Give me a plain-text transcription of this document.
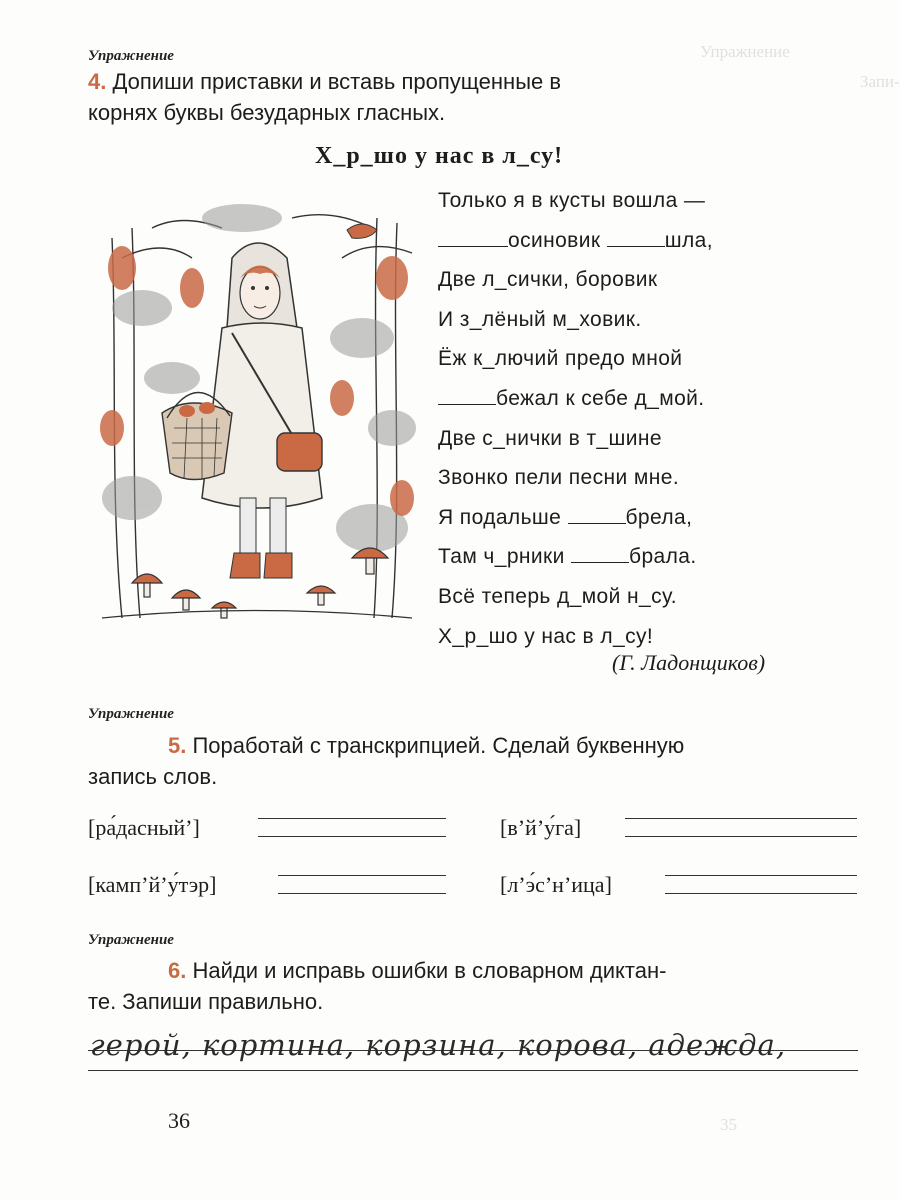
Упражнение
Запи-
35
Упражнение
4. Допиши приставки и вставь пропущенные в
корнях буквы безударных гласных.
Х_р_шо у нас в л_су!
Только я в кусты вошла —
осиновик	шла,
Две л_сички, боровик
И з_лёный м_ховик.
Ёж к_лючий предо мной
бежал к себе д_мой.
Две с_нички в т_шине
Звонко пели песни мне.
Я подальше	брела,
Там ч_рники	брала.
Всё теперь д_мой н_су.
Х_р_шо у нас в л_су!
(Г. Ладонщиков)
Упражнение
5. Поработай с транскрипцией. Сделай буквенную
запись слов.
[ра́дасный’]	[в’й’у́га]
[камп’й’у́тэр]	[л’э́с’н’ица]
Упражнение
6. Найди и исправь ошибки в словарном диктан-
те. Запиши правильно.
герой, кортина, корзина, корова, адежда,
36
